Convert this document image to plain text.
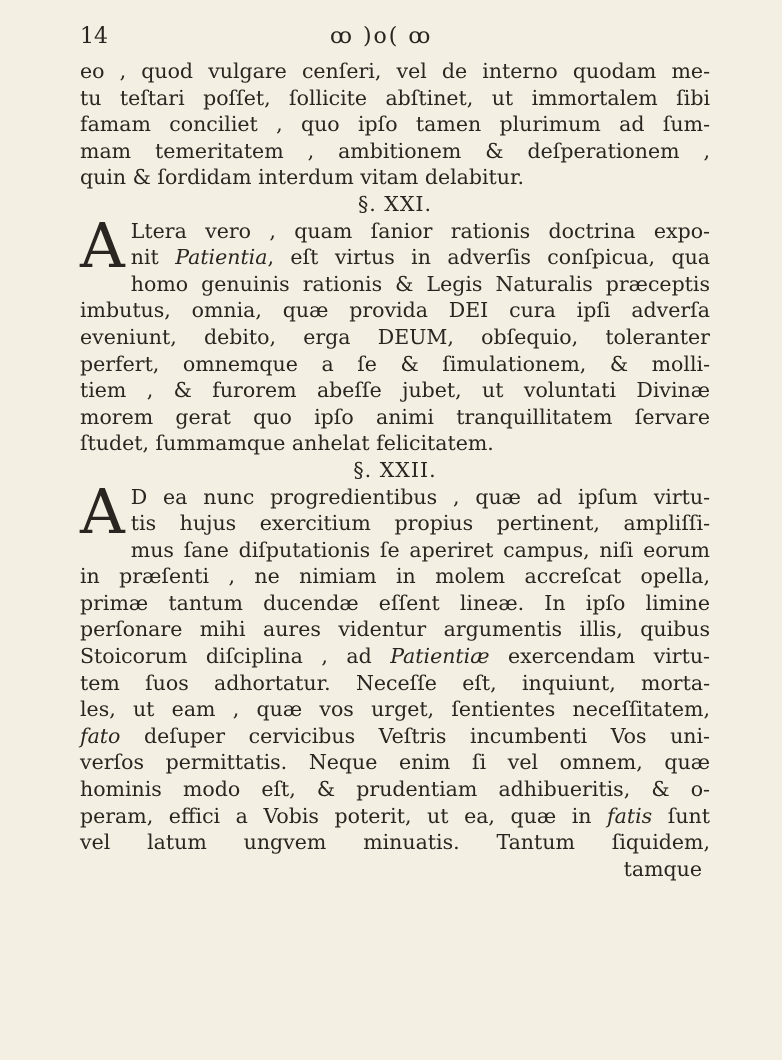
14	ꝏ )o( ꝏ
eo , quod vulgare cenſeri, vel de interno quodam me-
tu teſtari poſſet, ſollicite abſtinet, ut immortalem ſibi
famam conciliet , quo ipſo tamen plurimum ad ſum-
mam temeritatem , ambitionem & deſperationem ,
quin & ſordidam interdum vitam delabitur.
§. XXI.
A Ltera vero , quam ſanior rationis doctrina expo-
nit Patientia, eſt virtus in adverſis conſpicua, qua
homo genuinis rationis & Legis Naturalis præceptis
imbutus, omnia, quæ provida DEI cura ipſi adverſa
eveniunt, debito, erga DEUM, obſequio, toleranter
perfert, omnemque a ſe & ſimulationem, & molli-
tiem , & furorem abeſſe jubet, ut voluntati Divinæ
morem gerat quo ipſo animi tranquillitatem ſervare
ſtudet, ſummamque anhelat felicitatem.
§. XXII.
A D ea nunc progredientibus , quæ ad ipſum virtu-
tis hujus exercitium propius pertinent, ampliſſi-
mus ſane diſputationis ſe aperiret campus, niſi eorum
in præſenti , ne nimiam in molem accreſcat opella,
primæ tantum ducendæ eſſent lineæ. In ipſo limine
perſonare mihi aures videntur argumentis illis, quibus
Stoicorum diſciplina , ad Patientiæ exercendam virtu-
tem ſuos adhortatur. Neceſſe eſt, inquiunt, morta-
les, ut eam , quæ vos urget, ſentientes neceſſitatem,
fato deſuper cervicibus Veſtris incumbenti Vos uni-
verſos permittatis. Neque enim ſi vel omnem, quæ
hominis modo eſt, & prudentiam adhibueritis, & o-
peram, effici a Vobis poterit, ut ea, quæ in fatis ſunt
vel latum ungvem minuatis. Tantum ſiquidem,
tamque
